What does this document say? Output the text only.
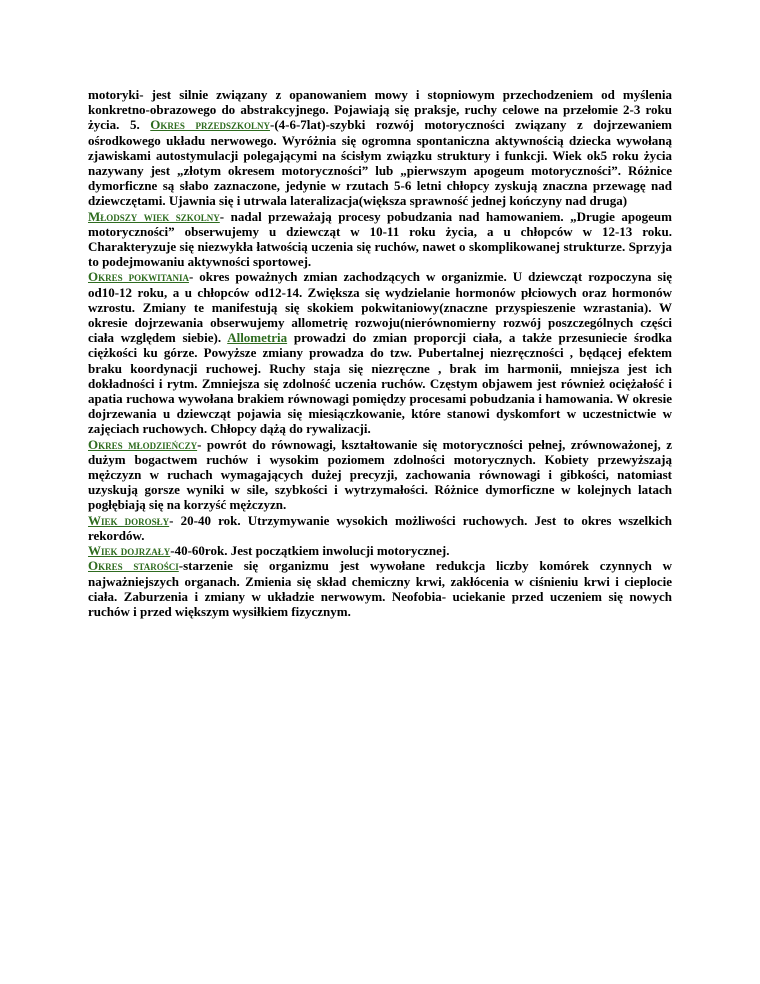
motoryki- jest silnie związany z opanowaniem mowy i stopniowym przechodzeniem od myślenia konkretno-obrazowego do abstrakcyjnego. Pojawiają się praksje, ruchy celowe na przełomie 2-3 roku życia. 5. Okres przedszkolny-(4-6-7lat)-szybki rozwój motoryczności związany z dojrzewaniem ośrodkowego układu nerwowego. Wyróżnia się ogromna spontaniczna aktywnością dziecka wywołaną zjawiskami autostymulacji polegającymi na ścisłym związku struktury i funkcji. Wiek ok5 roku życia nazywany jest „złotym okresem motoryczności” lub „pierwszym apogeum motoryczności”. Różnice dymorficzne są słabo zaznaczone, jedynie w rzutach 5-6 letni chłopcy zyskują znaczna przewagę nad dziewczętami. Ujawnia się i utrwala lateralizacja(większa sprawność jednej kończyny nad druga)

Młodszy wiek szkolny- nadal przeważają procesy pobudzania nad hamowaniem. „Drugie apogeum motoryczności” obserwujemy u dziewcząt w 10-11 roku życia, a u chłopców w 12-13 roku. Charakteryzuje się niezwykła łatwością uczenia się ruchów, nawet o skomplikowanej strukturze. Sprzyja to podejmowaniu aktywności sportowej.

Okres pokwitania- okres poważnych zmian zachodzących w organizmie. U dziewcząt rozpoczyna się od10-12 roku, a u chłopców od12-14. Zwiększa się wydzielanie hormonów płciowych oraz hormonów wzrostu. Zmiany te manifestują się skokiem pokwitaniowy(znaczne przyspieszenie wzrastania). W okresie dojrzewania obserwujemy allometrię rozwoju(nierównomierny rozwój poszczególnych części ciała względem siebie). Allometria prowadzi do zmian proporcji ciała, a także przesuniecie środka ciężkości ku górze. Powyższe zmiany prowadza do tzw. Pubertalnej niezręczności , będącej efektem braku koordynacji ruchowej. Ruchy staja się niezręczne , brak im harmonii, mniejsza jest ich dokładności i rytm. Zmniejsza się zdolność uczenia ruchów. Częstym objawem jest również ociężałość i apatia ruchowa wywołana brakiem równowagi pomiędzy procesami pobudzania i hamowania. W okresie dojrzewania u dziewcząt pojawia się miesiączkowanie, które stanowi dyskomfort w uczestnictwie w zajęciach ruchowych. Chłopcy dążą do rywalizacji.

Okres młodzieńczy- powrót do równowagi, kształtowanie się motoryczności pełnej, zrównoważonej, z dużym bogactwem ruchów i wysokim poziomem zdolności motorycznych. Kobiety przewyższają mężczyzn w ruchach wymagających dużej precyzji, zachowania równowagi i gibkości, natomiast uzyskują gorsze wyniki w sile, szybkości i wytrzymałości. Różnice dymorficzne w kolejnych latach pogłębiają się na korzyść mężczyzn.

Wiek dorosły- 20-40 rok. Utrzymywanie wysokich możliwości ruchowych. Jest to okres wszelkich rekordów.

Wiek dojrzały-40-60rok. Jest początkiem inwolucji motorycznej.

Okres starości-starzenie się organizmu jest wywołane redukcja liczby komórek czynnych w najważniejszych organach. Zmienia się skład chemiczny krwi, zakłócenia w ciśnieniu krwi i cieplocie ciała. Zaburzenia i zmiany w układzie nerwowym. Neofobia- uciekanie przed uczeniem się nowych ruchów i przed większym wysiłkiem fizycznym.
